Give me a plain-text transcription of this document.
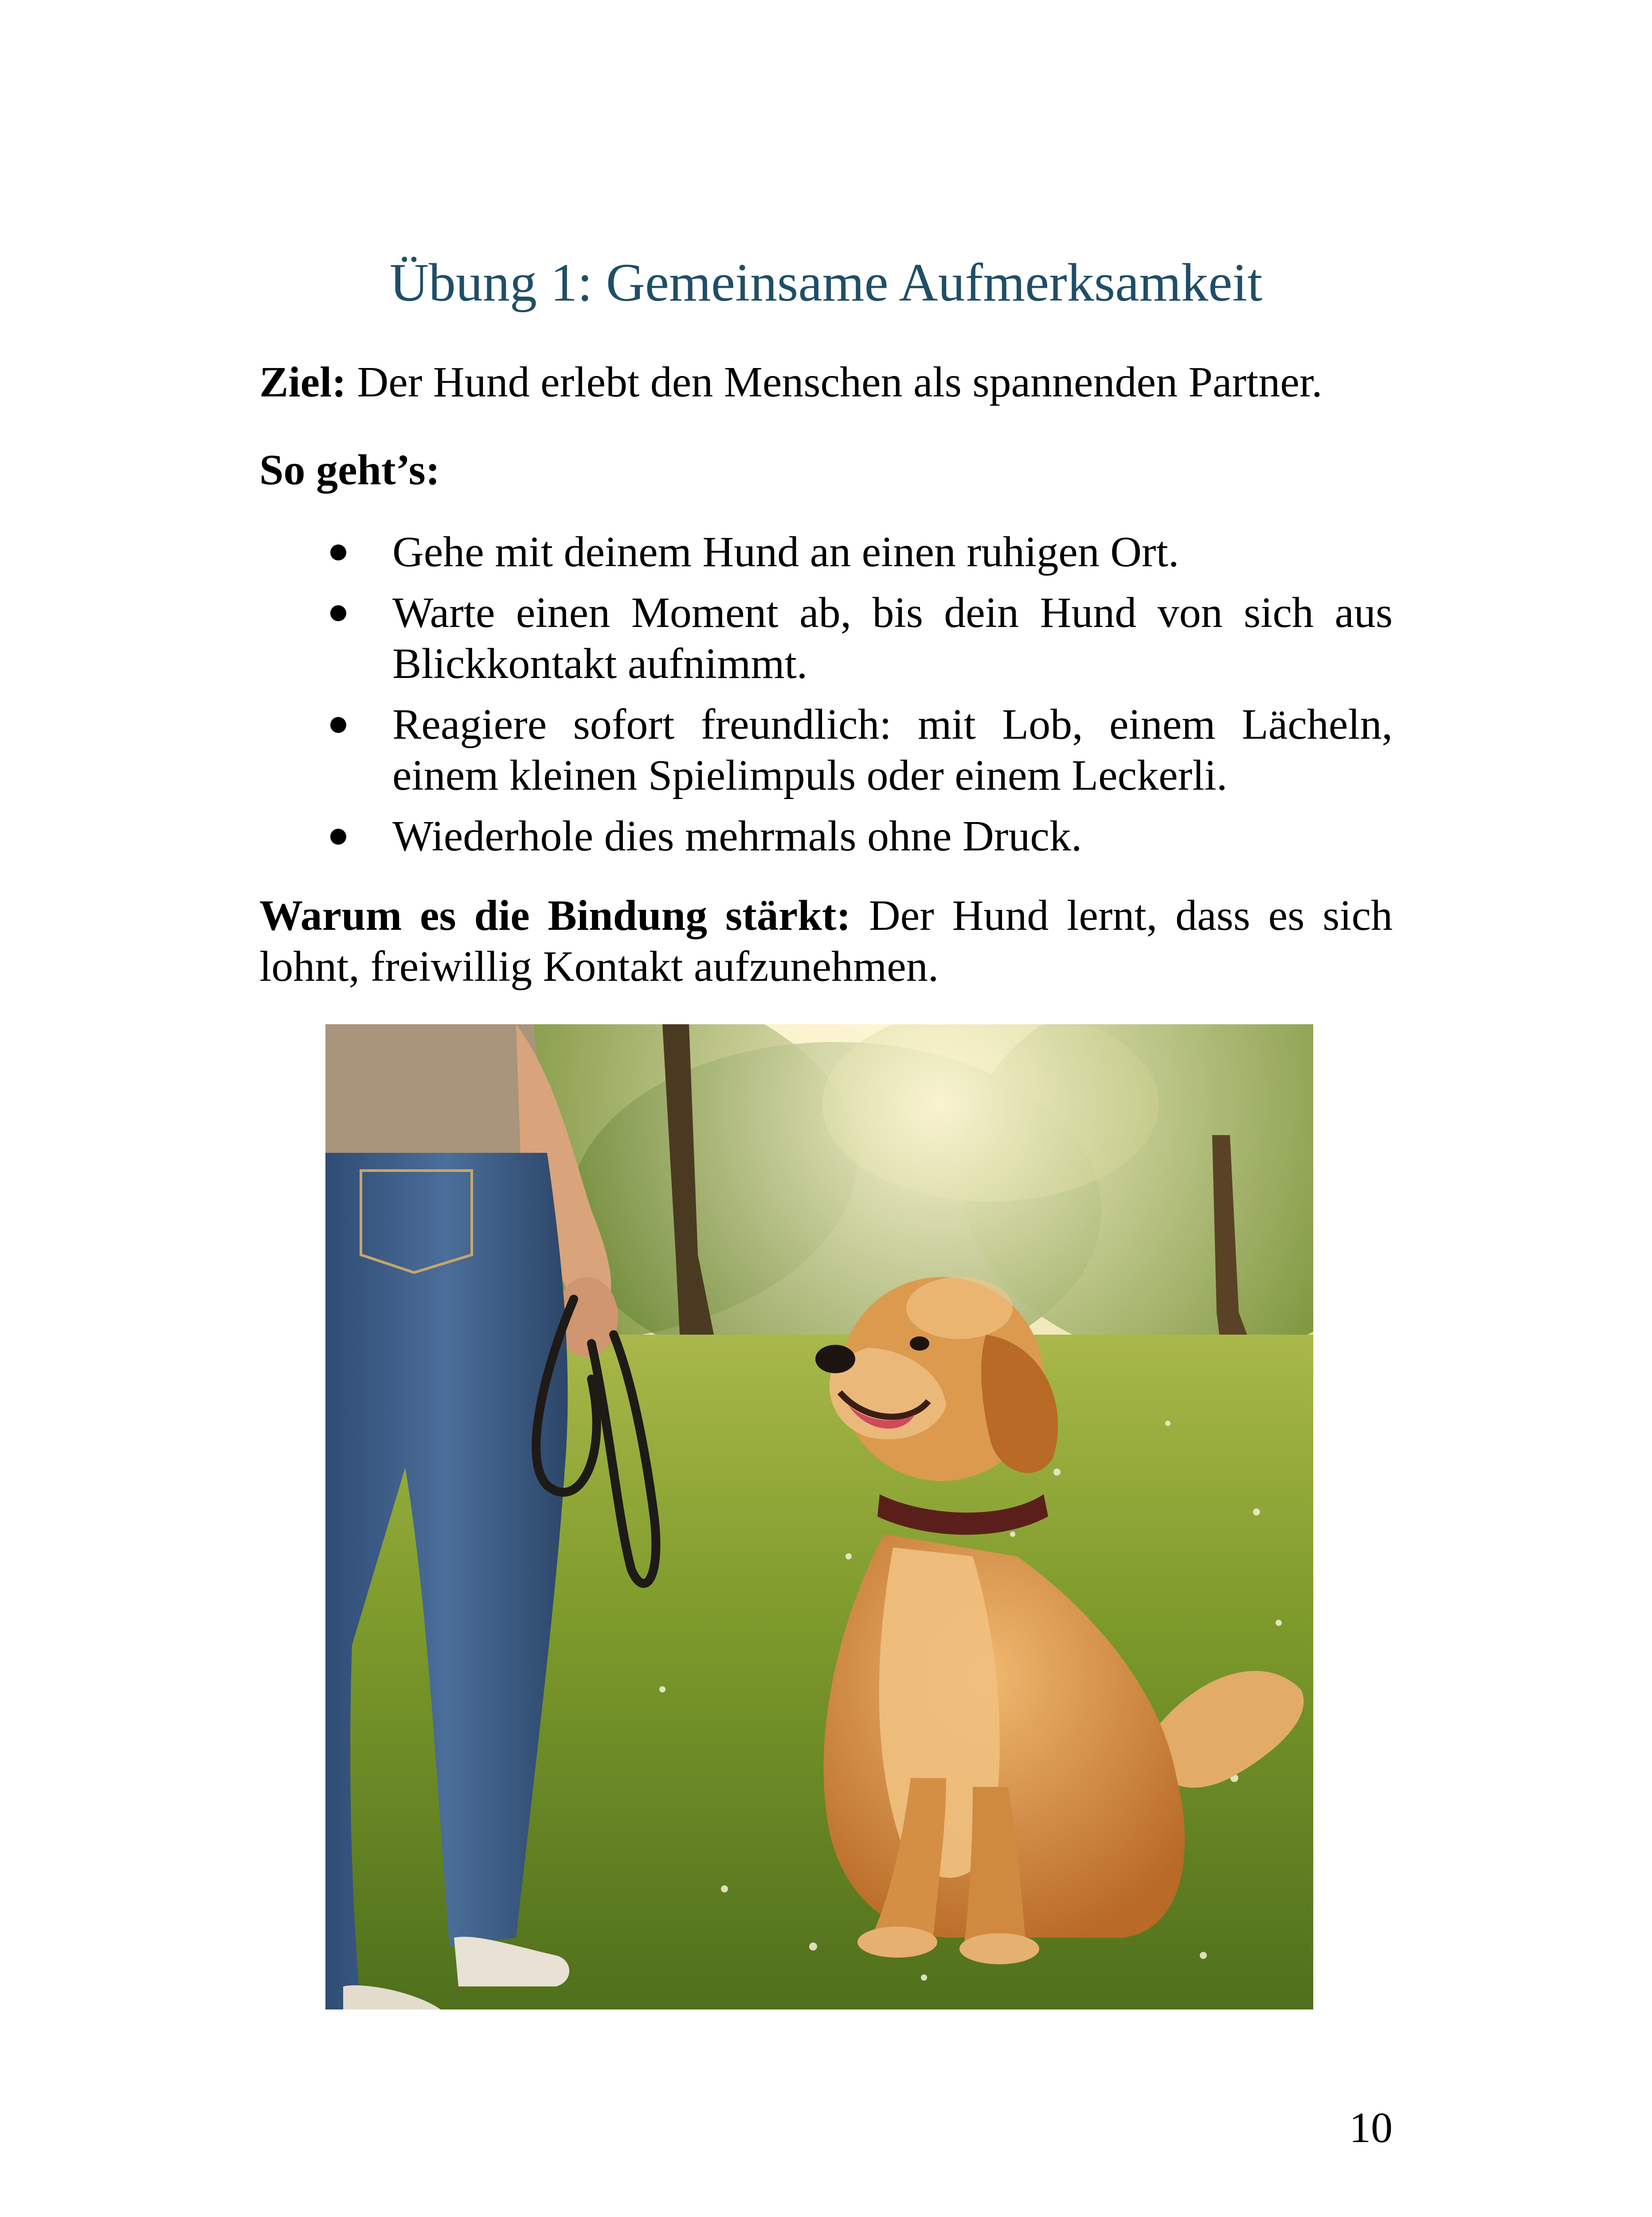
Übung 1: Gemeinsame Aufmerksamkeit

Ziel: Der Hund erlebt den Menschen als spannenden Partner.

So geht’s:

Gehe mit deinem Hund an einen ruhigen Ort.
Warte einen Moment ab, bis dein Hund von sich aus Blickkontakt aufnimmt.
Reagiere sofort freundlich: mit Lob, einem Lächeln, einem kleinen Spielimpuls oder einem Leckerli.
Wiederhole dies mehrmals ohne Druck.

Warum es die Bindung stärkt: Der Hund lernt, dass es sich lohnt, freiwillig Kontakt aufzunehmen.

10
